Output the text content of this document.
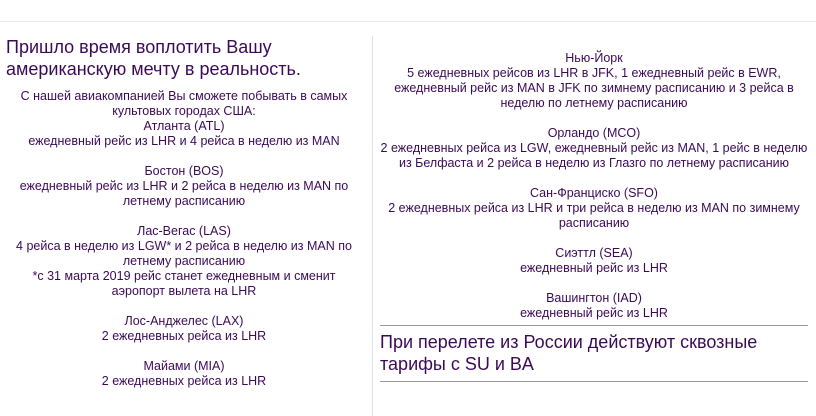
Пришло время воплотить Вашу американскую мечту в реальность.
С нашей авиакомпанией Вы сможете побывать в самых культовых городах США:
Атланта (ATL)
ежедневный рейс из LHR и 4 рейса в неделю из MAN
Бостон (BOS)
ежедневный рейс из LHR и 2 рейса в неделю из MAN по летнему расписанию
Лас-Вегас (LAS)
4 рейса в неделю из LGW* и 2 рейса в неделю из MAN по летнему расписанию
*с 31 марта 2019 рейс станет ежедневным и сменит аэропорт вылета на LHR
Лос-Анджелес (LAX)
2 ежедневных рейса из LHR
Майами (MIA)
2 ежедневных рейса из LHR
Нью-Йорк
5 ежедневных рейсов из LHR в JFK, 1 ежедневный рейс в EWR, ежедневный рейс из MAN в JFK по зимнему расписанию и 3 рейса в неделю по летнему расписанию
Орландо (MCO)
2 ежедневных рейса из LGW, ежедневный рейс из MAN, 1 рейс в неделю из Белфаста и 2 рейса в неделю из Глазго по летнему расписанию
Сан-Франциско (SFO)
2 ежедневных рейса из LHR и три рейса в неделю из MAN по зимнему расписанию
Сиэттл (SEA)
ежедневный рейс из LHR
Вашингтон (IAD)
ежедневный рейс из LHR
При перелете из России действуют сквозные тарифы с SU и BA
